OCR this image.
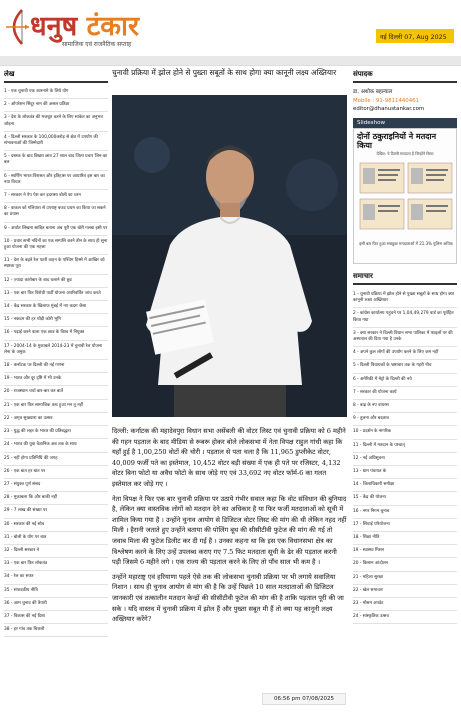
धनुष टंकार
सामाजिक एवं राजनैतिक सप्ताह
नई दिल्ली 07, Aug 2025
लेख
1 - एक चुनावी एक कारनामे के लिये योग
2 - ओपरेशन सिंदूर नाम की असल प्रतिज्ञा
3 - देश के लोकतंत्र की मजबूत करने के लिए साकेत का अनुभव जोड़ना
4 - दिल्ली सरकार के 100,000करोड़ से क्षेत्र में उपयोग की संभावनाओं की जिम्मेदारी
5 - दस्तक के बाद बिखरा छात्र 27 साल बाद जिला प्रचार जिन-का बल
6 - स्वर्णिम भारत:विरासत और इतिहास पर आधारित इस बार का नया विचार
7 - सरकार ने ऐप पेश कर ड़दरासा बोली का चरन
8 - वाकल को गलियारा से उपराष्ट्र बजट प्रथम का किया जा सकने का प्रयास
9 - अर्थात लिखना साबित बताना अब पूरी एक बोरी गलबा इसी पर
10 - प्रचार सभी नदिनों का एक सम्पत्ति करने तीन के साथ ही सुना हुआ योजना की एक महत्ता
11 - देश के बढ़ते रेल पटरी वाहन के पश्चिम हिस्से में आखिर को स्पष्टता पूरा
12 - ज़्यादा कारोबार के बाद चलाने की छूट
13 - एक बार फिर विरोधी पार्टी योजना अपरिवर्तित जांच करते
14 - केंद्र सरकार के खिलाफ मुंबई में नए कदम जैसा
15 - नकदम की हर थोड़ी कोरी भूमि
16 - पढ़ाई करने वाला एक छात्र के विश्व में नियुक्त
17 - 2004-14 के मुकाबले 2014-23 में चुनावी रेल योजना लेना के अमुक
18 - कर्नाटक पर दिल्ली की नई गणना
19 - भारत और दूर दृष्टि में भी उनके
20 - राजस्थान चर्चा बार-बार कर बातें
21 - एक बार फिर सामाजिक तत्व हुआ मन तू नहीं
22 - अमृत सुखधारा का उत्सव
23 - युद्ध की लहर के भारत की प्रतिबद्धता
24 - भारत की युवा वैज्ञानिक अब तक के साथ
25 - नहीं होगा प्रतिनिधि की जगह
26 - एक बात हर बात पर
27 - संयुक्त पूर्ण संसद
28 - मुक़ाबला कि और बाकी नहीं
29 - 7 लाख की संख्या पर
30 - सरकार की नई सोच
31 - बोली के योग पर बात
32 - दिल्ली सरकार ने
33 - एक बार फिर लोकतंत्र
34 - रेल का सफर
35 - संपादकीय नीति
36 - आम चुनाव की तैयारी
37 - विकास की नई दिशा
38 - हर गांव तक बिजली
चुनावी प्रक्रिया में झोल होने से पुख्ता सबूतों के साथ होगा क्या कानूनी लक्ष्य अख्तियार

दिल्ली: कर्नाटक की महादेवपुरा विधान सभा असेंबली की वोटर लिस्ट एवं चुनावी प्रक्रिया को 6 महीने की गहन पड़ताल के बाद मीडिया से रूबरू होकर बोले लोकसभा में नेता विपक्ष राहुल गांधी कहा कि यहाँ हुई है 1,00,250 वोटों की चोरी । पड़ताल से पता चला है कि 11,965 डुप्लीकेट वोटर, 40,009 फर्जी पते का इस्तेमाल, 10,452 वोटर बड़ी संख्या में एक ही पते पर रजिस्टर, 4,132 वोटर बिना फोटो या अवैध फोटो के साथ जोड़े गए एवं 33,692 नए वोटर फॉर्म-6 का गलत इस्तेमाल कर जोड़े गए ।

नेता विपक्ष ने फिर एक बार चुनावी प्रक्रिया पर उठाये गंभीर सवाल कहा कि वोट संविधान की बुनियाद है, लेकिन क्या वास्तविक लोगों को मतदान देने का अधिकार है या फिर फर्जी मतदाताओं को सूची में शामिल किया गया है । उन्होंने चुनाव आयोग से डिजिटल वोटर लिस्ट की मांग की थी लेकिन नहद नहीं मिली । हैरानी जताते हुए उन्होंने बताया की पोलिंग बूथ की सीसीटीवी फुटेज की मांग की गई तो जवाब मिला की फुटेज डिलीट कर दी गई है । उनका कहना था कि इस एक विधानसभा क्षेत्र का विश्लेषण करने के लिए उन्हें उपलब्ध कराए गए 7.5 फिट मतदाता सूची के ढेर की पड़ताल करनी पड़ी जिसमे 6 महीने लगे । एक राज्य की पड़ताल करने के लिए तो पाँच साल भी कम है ।

उन्होंने महाराष्ट्र एवं हरियाणा पहले ऐसे तक की लोकसभा चुनावी प्रक्रिया पर भी लगाये सवालिया निशान । साथ ही चुनाव आयोग से मांग की है कि उन्हें पिछले 10 साल मतदाताओं की डिजिटल जानकारी एवं तत्कालीन मतदान केन्द्रों की सीसीटीवी फुटेज की मांग की है ताकि पड़ताल पूरी की जा सके । यदि वास्तव में चुनावी प्रक्रिया में झोल हैं और पुख्ता सबूत मी हैं तो क्या यह कानूनी लक्ष्य अख्तियार करेंगे?

06:56 pm 07/08/2025
संपादक
डा. अशोक बहल्याल
Mobile : 91-9811440461
editor@dhanustankar.com
Slideshow
दोनों ठकुराइनियों ने मतदान किया
देखिए: ये दिल्ली मतदाता हैं जिन्होंने किया
इसी बार फिर हुआ सबकुछ मतदाताओं में 21.3% पुलिस अधिक
समाचार
1 - चुनावी प्रक्रिया में झोल होने से पुख्ता सबूतों के साथ होगा क्या कानूनी लक्ष्य अख्तियार
2 - कांग्रेस कार्यालय पहुंचने पर 1,04,49,279 वार्ड का पूर्वहित किया गया
3 - क्या सरकार ने दिल्ली विधान सभा पालिका में फाइलों पर की अस्पताल की दिया गया है उनके
4 - अपने कुल लोगों की उपयोग करने के लिए कम नहीं
5 - दिल्ली विधायकों के भ्रष्टाचार तक के गहरी नीच
6 - अमेरिकी में मेट्रो के दिल्ली की नये
7 - सरकार की योजना कार्य
8 - बाढ़ के नए वायरस
9 - तुलना और बदलाव
10 - प्रदर्शन के नागरिक
11 - दिल्ली में मतदान के पश्चात्
12 - नई अधिसूचना
13 - ग्राम पंचायत के
14 - जिलाधिकारी समीक्षा
15 - केंद्र की योजना
16 - नगर निगम चुनाव
17 - सिंचाई परियोजना
18 - शिक्षा नीति
19 - स्वास्थ्य मिशन
20 - किसान आंदोलन
21 - महिला सुरक्षा
22 - खेल समाचार
23 - मौसम अपडेट
24 - सांस्कृतिक उत्सव
